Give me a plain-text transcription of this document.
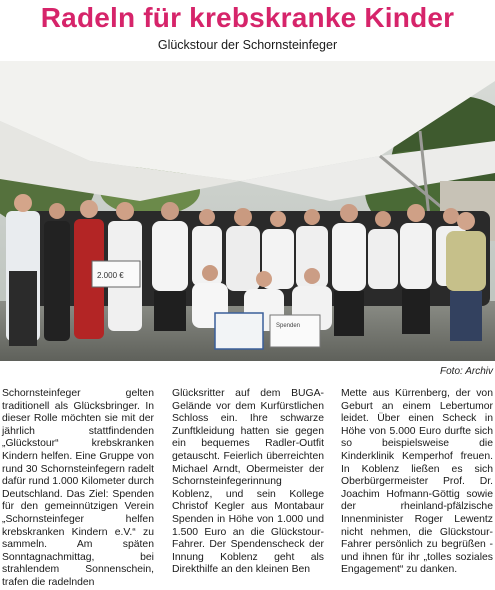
Radeln für krebskranke Kinder
Glückstour der Schornsteinfeger
2.000 €
Spenden
Foto: Archiv

Schornsteinfeger gelten traditionell als Glücksbringer. In dieser Rolle möchten sie mit der jährlich stattfindenden „Glückstour“ krebskranken Kindern helfen. Eine Gruppe von rund 30 Schornsteinfegern radelt dafür rund 1.000 Kilometer durch Deutschland. Das Ziel: Spenden für den gemeinnützigen Verein „Schornsteinfeger helfen krebskranken Kindern e.V.“ zu sammeln. Am späten Sonntagnachmittag, bei strahlendem Sonnenschein, trafen die radelnden

Glücksritter auf dem BUGA-Gelände vor dem Kurfürstlichen Schloss ein. Ihre schwarze Zunftkleidung hatten sie gegen ein bequemes Radler-Outfit getauscht. Feierlich überreichten Michael Arndt, Obermeister der Schornsteinfegerinnung Koblenz, und sein Kollege Christof Kegler aus Montabaur Spenden in Höhe von 1.000 und 1.500 Euro an die Glückstour-Fahrer. Der Spendenscheck der Innung Koblenz geht als Direkthilfe an den kleinen Ben

Mette aus Kürrenberg, der von Geburt an einem Lebertumor leidet. Über einen Scheck in Höhe von 5.000 Euro durfte sich so beispielsweise die Kinderklinik Kemperhof freuen. In Koblenz ließen es sich Oberbürgermeister Prof. Dr. Joachim Hofmann-Göttig sowie der rheinland-pfälzische Innenminister Roger Lewentz nicht nehmen, die Glückstour-Fahrer persönlich zu begrüßen - und ihnen für ihr „tolles soziales Engagement“ zu danken.
